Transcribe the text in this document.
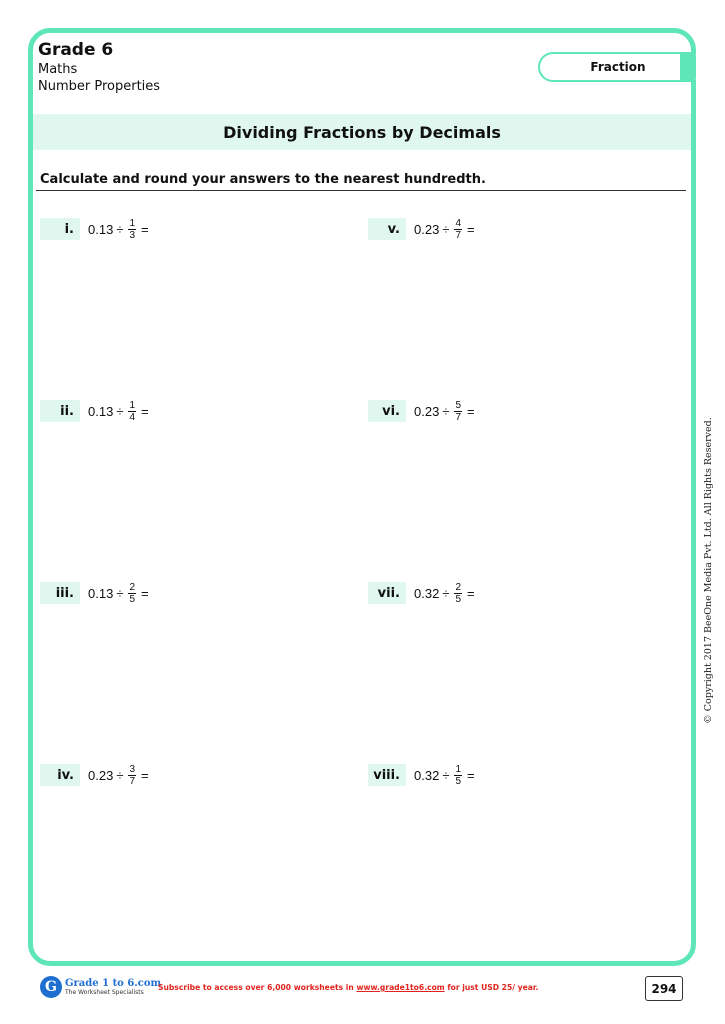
Grade 6
Maths
Number Properties
Fraction
Dividing Fractions by Decimals
Calculate and round your answers to the nearest hundredth.
i.	$0.13 \div \frac{1}{3}$ =
ii.	$0.13 \div \frac{1}{4}$ =
iii.	$0.13 \div \frac{2}{5}$ =
iv.	$0.23 \div \frac{3}{7}$ =
v.	$0.23 \div \frac{4}{7}$ =
vi.	$0.23 \div \frac{5}{7}$ =
vii.	$0.32 \div \frac{2}{5}$ =
viii.	$0.32 \div \frac{1}{5}$ =
© Copyright 2017 BeeOne Media Pvt. Ltd. All Rights Reserved.
G Grade 1 to 6.com
The Worksheet Specialists
Subscribe to access over 6,000 worksheets in www.grade1to6.com for just USD 25/ year.	294
